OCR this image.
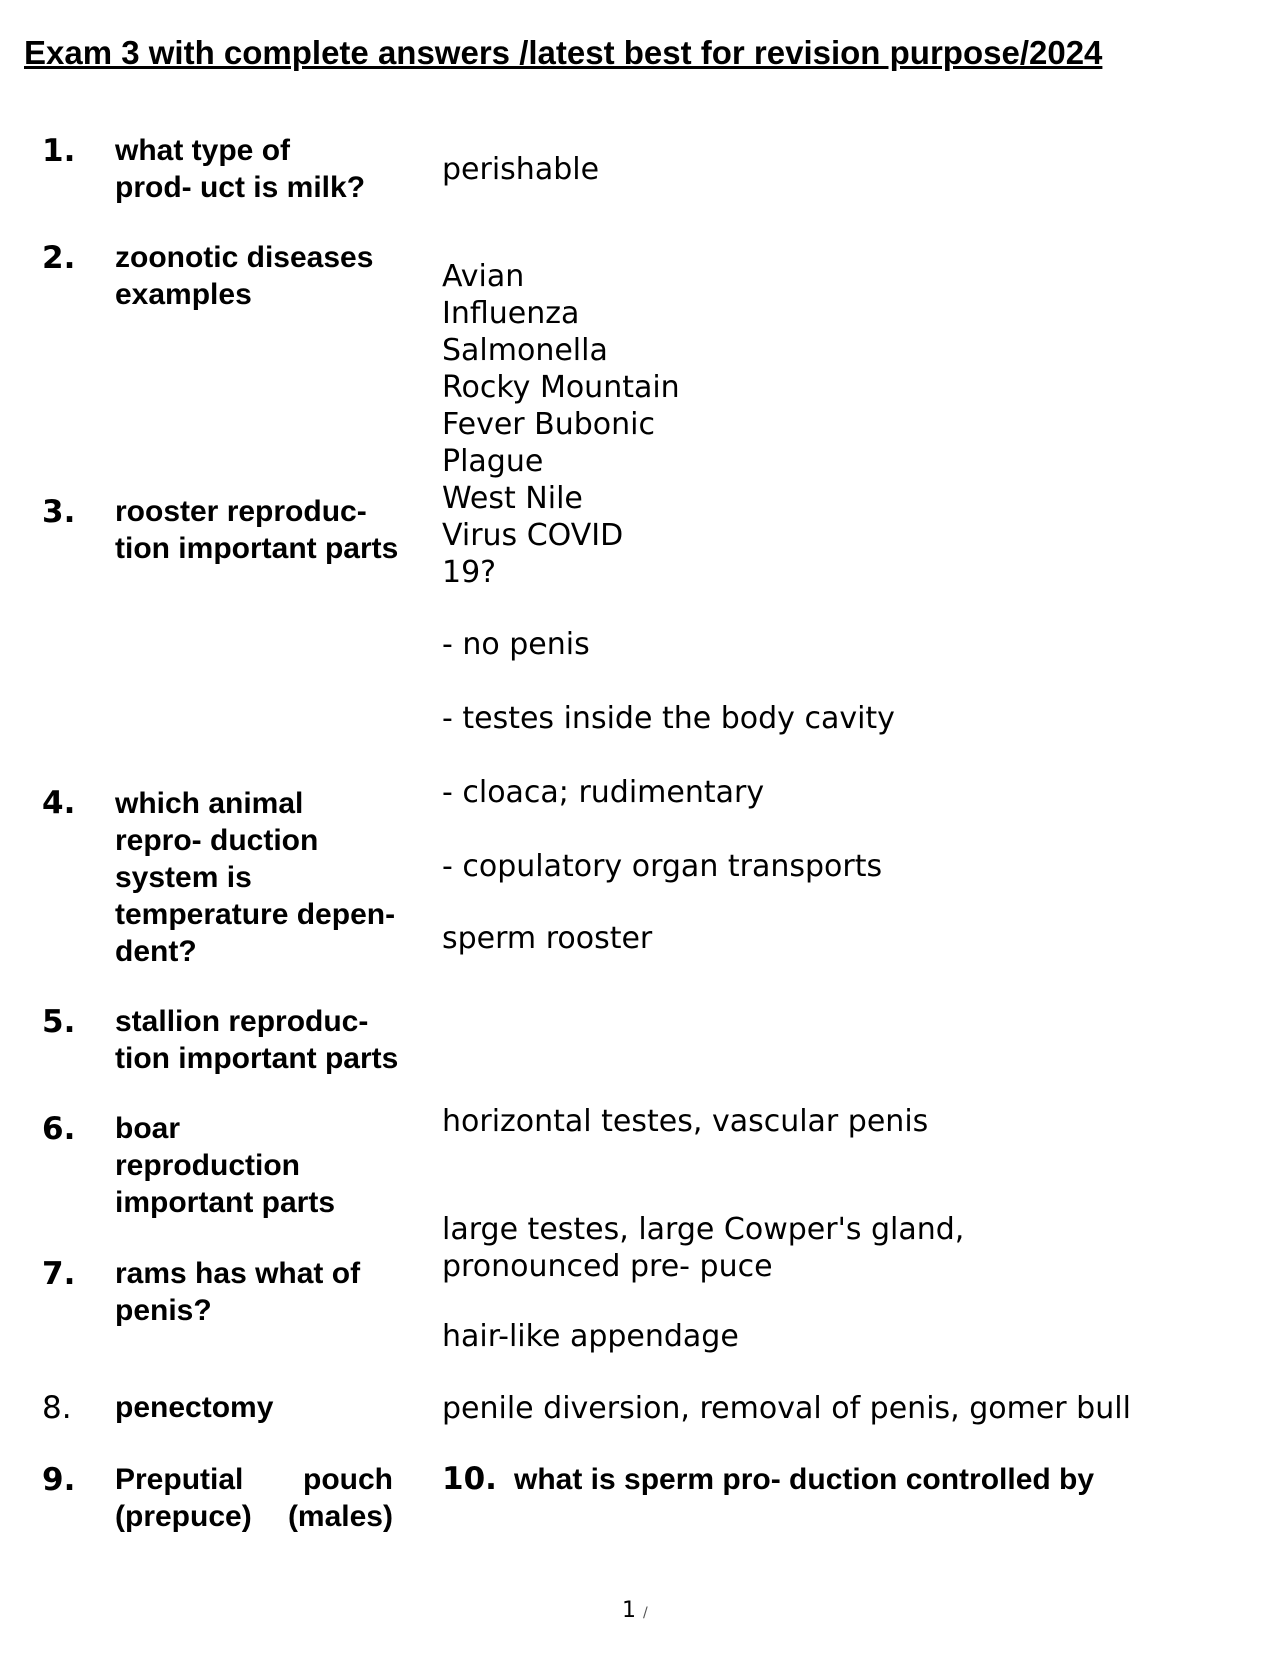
Exam 3 with complete answers /latest best for revision purpose/2024
1. what type of
prod- uct is milk?
2. zoonotic diseases
examples
3. rooster reproduc-
tion important parts
4. which animal
repro- duction
system is
temperature depen-
dent?
5. stallion reproduc-
tion important parts
6. boar
reproduction
important parts
7. rams has what of
penis?
8. penectomy
9. Preputial pouch
(prepuce) (males)
10. what is sperm pro- duction controlled by
perishable
Avian
Influenza
Salmonella
Rocky Mountain
Fever Bubonic
Plague
West Nile
Virus COVID
19?
- no penis
- testes inside the body cavity
- cloaca; rudimentary
- copulatory organ transports
sperm rooster
horizontal testes, vascular penis
large testes, large Cowper's gland,
pronounced pre- puce
hair-like appendage
penile diversion, removal of penis, gomer bull
1 /
